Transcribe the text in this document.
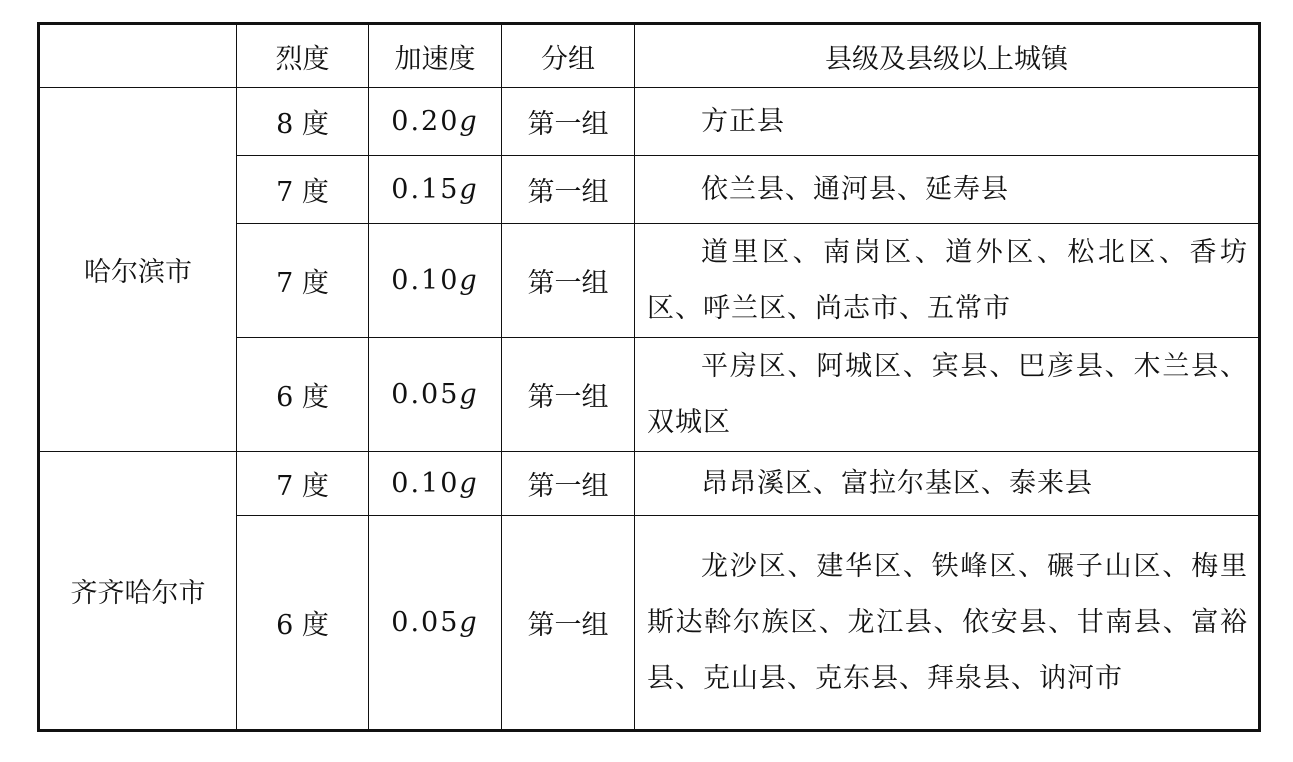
	烈度	加速度	分组	县级及县级以上城镇
哈尔滨市	8 度	0.20g	第一组	方正县
	7 度	0.15g	第一组	依兰县、通河县、延寿县
	7 度	0.10g	第一组	道里区、南岗区、道外区、松北区、香坊区、呼兰区、尚志市、五常市
	6 度	0.05g	第一组	平房区、阿城区、宾县、巴彦县、木兰县、双城区
齐齐哈尔市	7 度	0.10g	第一组	昂昂溪区、富拉尔基区、泰来县
	6 度	0.05g	第一组	龙沙区、建华区、铁峰区、碾子山区、梅里斯达斡尔族区、龙江县、依安县、甘南县、富裕县、克山县、克东县、拜泉县、讷河市
